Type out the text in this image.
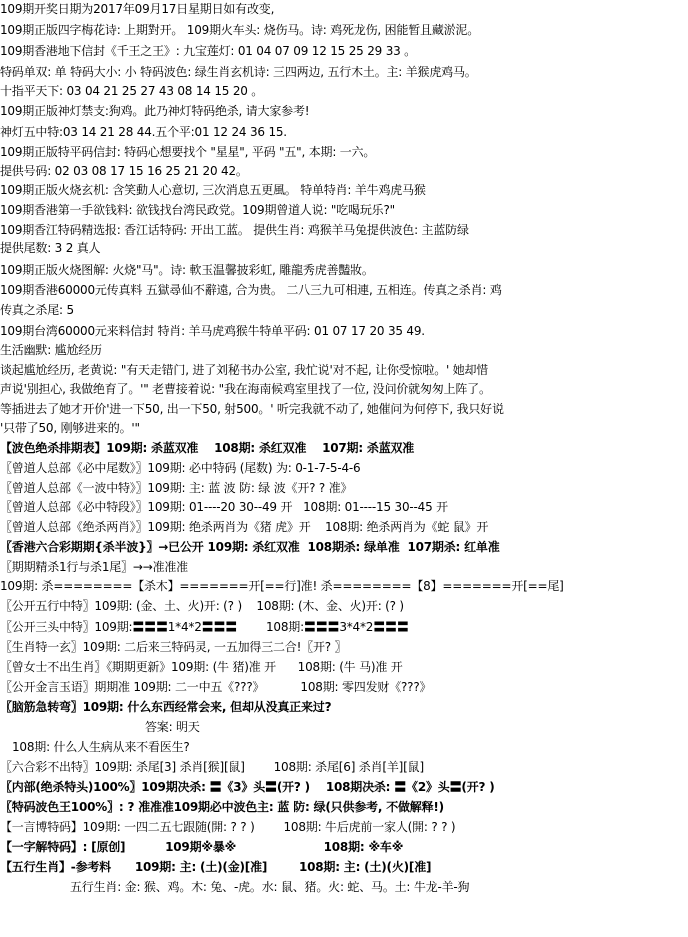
109期开奖日期为2017年09月17日星期日如有改变,
109期正版四字梅花诗: 上期對开。 109期火车头: 烧伤马。诗: 鸡死龙伤, 困能暂且藏淤泥。
109期香港地下信封《千王之王》: 九宝莲灯: 01 04 07 09 12 15 25 29 33 。
特码单双: 单 特码大小: 小 特码波色: 绿生肖玄机诗: 三四两边, 五行木土。主: 羊猴虎鸡马。
十指平天下: 03 04 21 25 27 43 08 14 15 20 。
109期正版神灯禁支:狗鸡。此乃神灯特码绝杀, 请大家参考!
神灯五中特:03 14 21 28 44.五个平:01 12 24 36 15.
109期正版特平码信封: 特码心想要找个 "星星", 平码 "五", 本期: 一六。
提供号码: 02 03 08 17 15 16 25 21 20 42。
109期正版火烧玄机: 含笑動人心意切, 三次消息五更風。 特单特肖: 羊牛鸡虎马猴
109期香港第一手欲钱料: 欲钱找台湾民政党。109期曾道人说: "吃喝玩乐?"
109期香江特码精选报: 香江话特码: 开出工蓝。 提供生肖: 鸡猴羊马兔提供波色: 主蓝防绿
提供尾数: 3 2 真人
109期正版火烧图解: 火烧"马"。诗: 軟玉温馨披彩虹, 雕龍秀虎善豔妝。
109期香港60000元传真料 五獄尋仙不辭遠, 合为贵。 二八三九可相連, 五相连。传真之杀肖: 鸡
传真之杀尾: 5
109期台湾60000元来料信封 特肖: 羊马虎鸡猴牛特单平码: 01 07 17 20 35 49.
生活幽默: 尴尬经历
谈起尴尬经历, 老黄说: "有天走错门, 进了刘秘书办公室, 我忙说'对不起, 让你受惊啦。' 她却惜
声说'别担心, 我做绝育了。'" 老曹接着说: "我在海南候鸡室里找了一位, 没问价就匆匆上阵了。
等插进去了她才开价'进一下50, 出一下50, 射500。' 听完我就不动了, 她催问为何停下, 我只好说
'只带了50, 刚够进来的。'"
【波色绝杀排期表】109期: 杀蓝双准    108期: 杀红双准    107期: 杀蓝双准
〖曾道人总部《必中尾数》〗109期: 必中特码 (尾数) 为: 0-1-7-5-4-6
〖曾道人总部《一波中特》〗109期: 主: 蓝 波 防: 绿 波《开? ? 准》
〖曾道人总部《必中特段》〗109期: 01----20 30--49 开   108期: 01----15 30--45 开
〖曾道人总部《绝杀两肖》〗109期: 绝杀两肖为《猪 虎》开    108期: 绝杀两肖为《蛇 鼠》开
〖香港六合彩期期{杀半波}〗→已公开 109期: 杀红双准  108期杀: 绿单准  107期杀: 红单准
〖期期精杀1行与杀1尾〗→→准准准
109期: 杀========【杀木】=======开[==行]准! 杀========【8】=======开[==尾]
〖公开五行中特〗109期: (金、土、火)开: (? )    108期: (木、金、火)开: (? )
〖公开三头中特〗109期:〓〓〓1*4*2〓〓〓        108期:〓〓〓3*4*2〓〓〓
〖生肖特一玄〗109期: 二后来三特码灵, 一五加得三二合!〖开? 〗
〖曾女士不出生肖〗《期期更新》109期: (牛 猪)准 开      108期: (牛 马)准 开
〖公开金言玉语〗期期准 109期: 二一中五《???》          108期: 零四发财《???》
〖脑筋急转弯〗109期: 什么东西经常会来, 但却从没真正来过?
答案: 明天
108期: 什么人生病从来不看医生?
〖六合彩不出特〗109期: 杀尾[3] 杀肖[猴][鼠]        108期: 杀尾[6] 杀肖[羊][鼠]
〖内部(绝杀特头)100%〗109期决杀: 〓《3》头〓(开? )    108期决杀: 〓《2》头〓(开? )
〖特码波色王100%〗: ? 准准准109期必中波色主: 蓝 防: 绿(只供参考, 不做解释!)
【一言博特码】109期: 一四二五七跟随(開: ? ? )        108期: 牛后虎前一家人(開: ? ? )
【一字解特码】: [原创]          109期※暴※                      108期: ※车※
【五行生肖】-参考料      109期: 主: (土)(金)[准]        108期: 主: (土)(火)[准]
五行生肖: 金: 猴、鸡。木: 兔、-虎。水: 鼠、猪。火: 蛇、马。土: 牛龙-羊-狗
